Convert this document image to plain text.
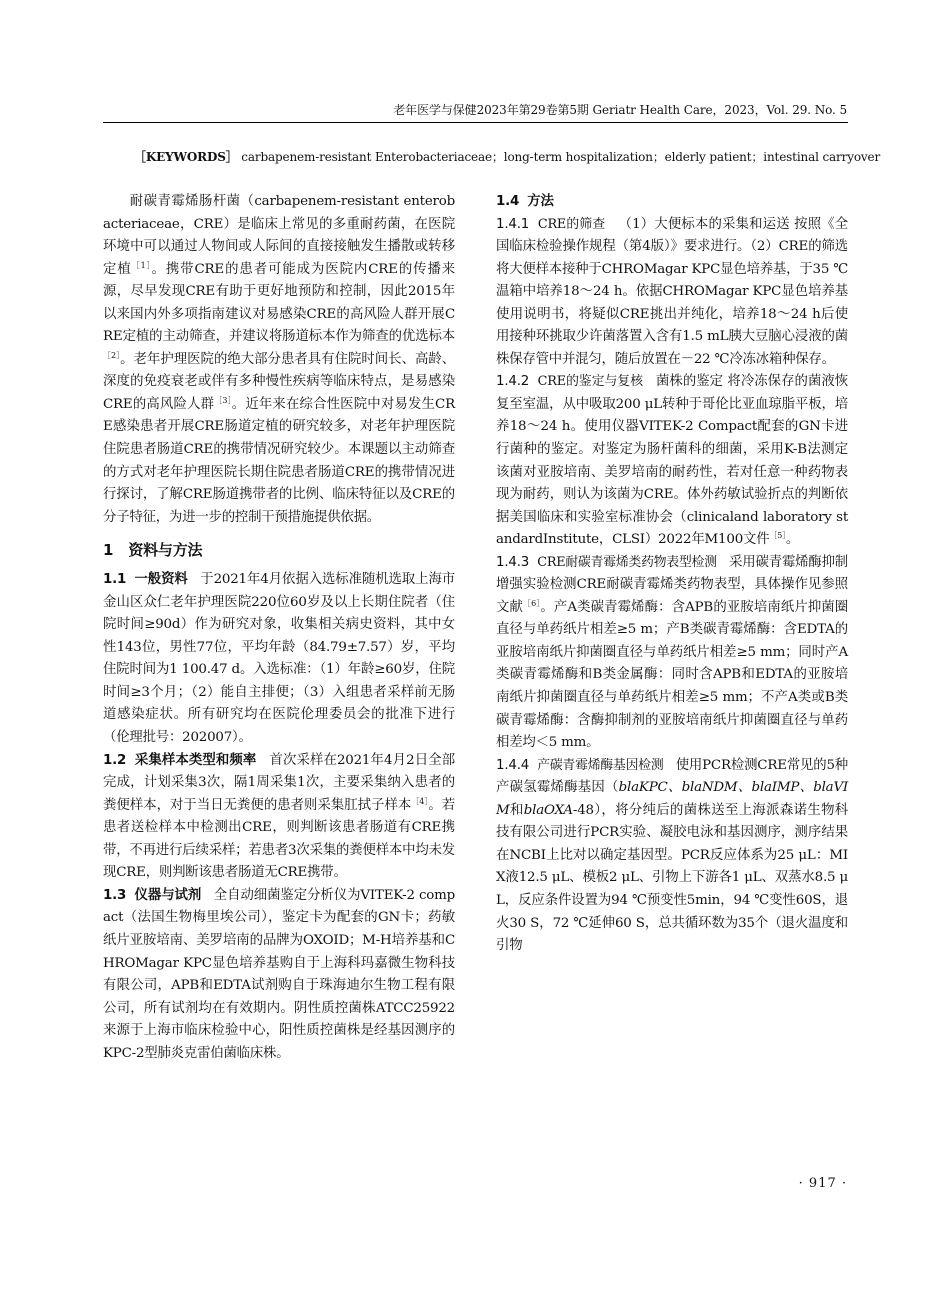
老年医学与保健2023年第29卷第5期 Geriatr Health Care，2023，Vol. 29. No. 5
［KEYWORDS］ carbapenem-resistant Enterobacteriaceae；long-term hospitalization；elderly patient；intestinal carryover

耐碳青霉烯肠杆菌（carbapenem-resistant enterobacteriaceae，CRE）是临床上常见的多重耐药菌，在医院环境中可以通过人物间或人际间的直接接触发生播散或转移定植$^{[1]}$。携带CRE的患者可能成为医院内CRE的传播来源，尽早发现CRE有助于更好地预防和控制，因此2015年以来国内外多项指南建议对易感染CRE的高风险人群开展CRE定植的主动筛查，并建议将肠道标本作为筛查的优选标本$^{[2]}$。老年护理医院的绝大部分患者具有住院时间长、高龄、深度的免疫衰老或伴有多种慢性疾病等临床特点，是易感染CRE的高风险人群$^{[3]}$。近年来在综合性医院中对易发生CRE感染患者开展CRE肠道定植的研究较多，对老年护理医院住院患者肠道CRE的携带情况研究较少。本课题以主动筛查的方式对老年护理医院长期住院患者肠道CRE的携带情况进行探讨，了解CRE肠道携带者的比例、临床特征以及CRE的分子特征，为进一步的控制干预措施提供依据。

1 资料与方法

1.1 一般资料 于2021年4月依据入选标准随机选取上海市金山区众仁老年护理医院220位60岁及以上长期住院者（住院时间≥90d）作为研究对象，收集相关病史资料，其中女性143位，男性77位，平均年龄（84.79±7.57）岁，平均住院时间为1 100.47 d。入选标准：（1）年龄≥60岁，住院时间≥3个月；（2）能自主排便；（3）入组患者采样前无肠道感染症状。所有研究均在医院伦理委员会的批准下进行（伦理批号：202007）。

1.2 采集样本类型和频率 首次采样在2021年4月2日全部完成，计划采集3次，隔1周采集1次，主要采集纳入患者的粪便样本，对于当日无粪便的患者则采集肛拭子样本$^{[4]}$。若患者送检样本中检测出CRE，则判断该患者肠道有CRE携带，不再进行后续采样；若患者3次采集的粪便样本中均未发现CRE，则判断该患者肠道无CRE携带。

1.3 仪器与试剂 全自动细菌鉴定分析仪为VITEK-2 compact（法国生物梅里埃公司），鉴定卡为配套的GN卡；药敏纸片亚胺培南、美罗培南的品牌为OXOID；M-H培养基和CHROMagar KPC显色培养基购自于上海科玛嘉微生物科技有限公司，APB和EDTA试剂购自于珠海迪尔生物工程有限公司，所有试剂均在有效期内。阴性质控菌株ATCC25922来源于上海市临床检验中心，阳性质控菌株是经基因测序的KPC-2型肺炎克雷伯菌临床株。

1.4 方法

1.4.1 CRE的筛查 （1）大便标本的采集和运送 按照《全国临床检验操作规程（第4版）》要求进行。（2）CRE的筛选 将大便样本接种于CHROMagar KPC显色培养基，于35 ℃温箱中培养18～24 h。依据CHROMagar KPC显色培养基使用说明书，将疑似CRE挑出并纯化，培养18～24 h后使用接种环挑取少许菌落置入含有1.5 mL胰大豆脑心浸液的菌株保存管中并混匀，随后放置在－22 ℃冷冻冰箱种保存。

1.4.2 CRE的鉴定与复核 菌株的鉴定 将冷冻保存的菌液恢复至室温，从中吸取200 μL转种于哥伦比亚血琼脂平板，培养18～24 h。使用仪器VITEK-2 Compact配套的GN卡进行菌种的鉴定。对鉴定为肠杆菌科的细菌，采用K-B法测定该菌对亚胺培南、美罗培南的耐药性，若对任意一种药物表现为耐药，则认为该菌为CRE。体外药敏试验折点的判断依据美国临床和实验室标准协会（clinicaland laboratory standardInstitute，CLSI）2022年M100文件$^{[5]}$。

1.4.3 CRE耐碳青霉烯类药物表型检测 采用碳青霉烯酶抑制增强实验检测CRE耐碳青霉烯类药物表型，具体操作见参照文献$^{[6]}$。产A类碳青霉烯酶：含APB的亚胺培南纸片抑菌圈直径与单药纸片相差≥5 m；产B类碳青霉烯酶：含EDTA的亚胺培南纸片抑菌圈直径与单药纸片相差≥5 mm；同时产A类碳青霉烯酶和B类金属酶：同时含APB和EDTA的亚胺培南纸片抑菌圈直径与单药纸片相差≥5 mm；不产A类或B类碳青霉烯酶：含酶抑制剂的亚胺培南纸片抑菌圈直径与单药相差均＜5 mm。

1.4.4 产碳青霉烯酶基因检测 使用PCR检测CRE常见的5种产碳氢霉烯酶基因（blaKPC、blaNDM、blaIMP、blaVIM和blaOXA-48），将分纯后的菌株送至上海派森诺生物科技有限公司进行PCR实验、凝胶电泳和基因测序，测序结果在NCBI上比对以确定基因型。PCR反应体系为25 μL：MIX液12.5 μL、模板2 μL、引物上下游各1 μL、双蒸水8.5 μL，反应条件设置为94 ℃预变性5min，94 ℃变性60S，退火30 S，72 ℃延伸60 S，总共循环数为35个（退火温度和引物

· 917 ·
